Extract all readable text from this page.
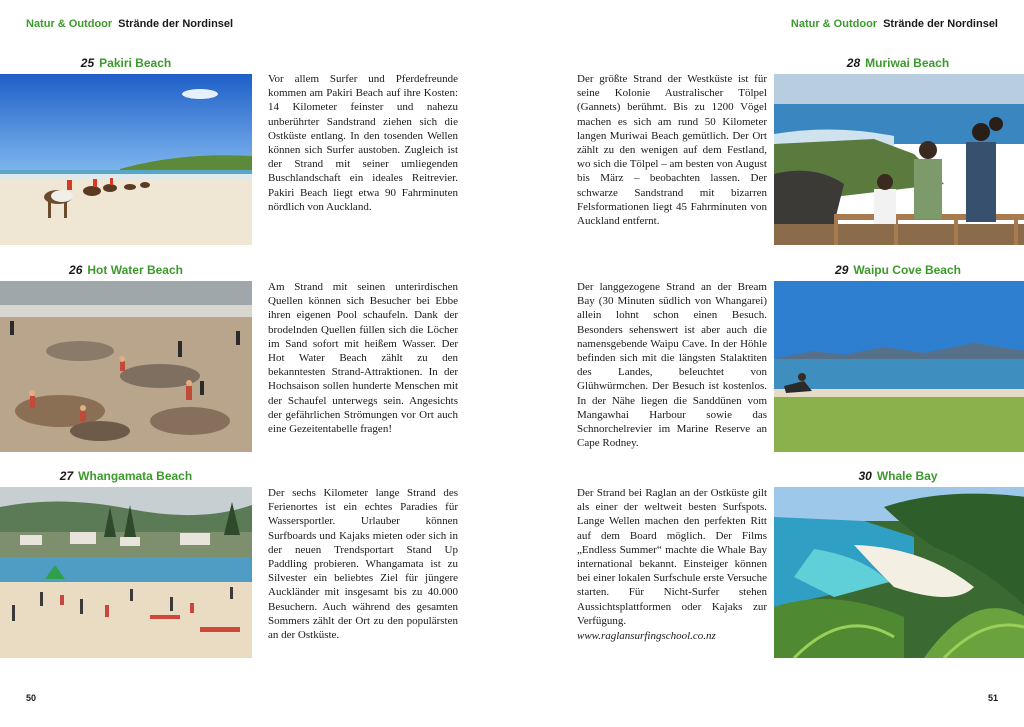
Natur & Outdoor Strände der Nordinsel	Natur & Outdoor Strände der Nordinsel
25 Pakiri Beach
Vor allem Surfer und Pferdefreunde kommen am Pakiri Beach auf ihre Kosten: 14 Kilometer feinster und nahezu unberührter Sandstrand ziehen sich die Ostküste entlang. In den tosenden Wellen können sich Surfer austoben. Zugleich ist der Strand mit seiner umliegenden Buschlandschaft ein ideales Reitrevier. Pakiri Beach liegt etwa 90 Fahrminuten nördlich von Auckland.
26 Hot Water Beach
Am Strand mit seinen unterirdischen Quellen können sich Besucher bei Ebbe ihren eigenen Pool schaufeln. Dank der brodelnden Quellen füllen sich die Löcher im Sand sofort mit heißem Wasser. Der Hot Water Beach zählt zu den bekanntesten Strand-Attraktionen. In der Hochsaison sollen hunderte Menschen mit der Schaufel unterwegs sein. Angesichts der gefährlichen Strömungen vor Ort auch eine Gezeitentabelle fragen!
27 Whangamata Beach
Der sechs Kilometer lange Strand des Ferienortes ist ein echtes Paradies für Wassersportler. Urlauber können Surfboards und Kajaks mieten oder sich in der neuen Trendsportart Stand Up Paddling probieren. Whangamata ist zu Silvester ein beliebtes Ziel für jüngere Auckländer mit insgesamt bis zu 40.000 Besuchern. Auch während des gesamten Sommers zählt der Ort zu den populärsten an der Ostküste.
28 Muriwai Beach
Der größte Strand der Westküste ist für seine Kolonie Australischer Tölpel (Gannets) berühmt. Bis zu 1200 Vögel machen es sich am rund 50 Kilometer langen Muriwai Beach gemütlich. Der Ort zählt zu den wenigen auf dem Festland, wo sich die Tölpel – am besten von August bis März – beobachten lassen. Der schwarze Sandstrand mit bizarren Felsformationen liegt 45 Fahrminuten von Auckland entfernt.
29 Waipu Cove Beach
Der langgezogene Strand an der Bream Bay (30 Minuten südlich von Whangarei) allein lohnt schon einen Besuch. Besonders sehenswert ist aber auch die namensgebende Waipu Cave. In der Höhle befinden sich mit die längsten Stalaktiten des Landes, beleuchtet von Glühwürmchen. Der Besuch ist kostenlos. In der Nähe liegen die Sanddünen vom Mangawhai Harbour sowie das Schnorchelrevier im Marine Reserve an Cape Rodney.
30 Whale Bay
Der Strand bei Raglan an der Ostküste gilt als einer der weltweit besten Surfspots. Lange Wellen machen den perfekten Ritt auf dem Board möglich. Der Films „Endless Summer“ machte die Whale Bay international bekannt. Einsteiger können bei einer lokalen Surfschule erste Versuche starten. Für Nicht-Surfer stehen Aussichtsplattformen oder Kajaks zur Verfügung.
www.raglansurfingschool.co.nz
50	51
